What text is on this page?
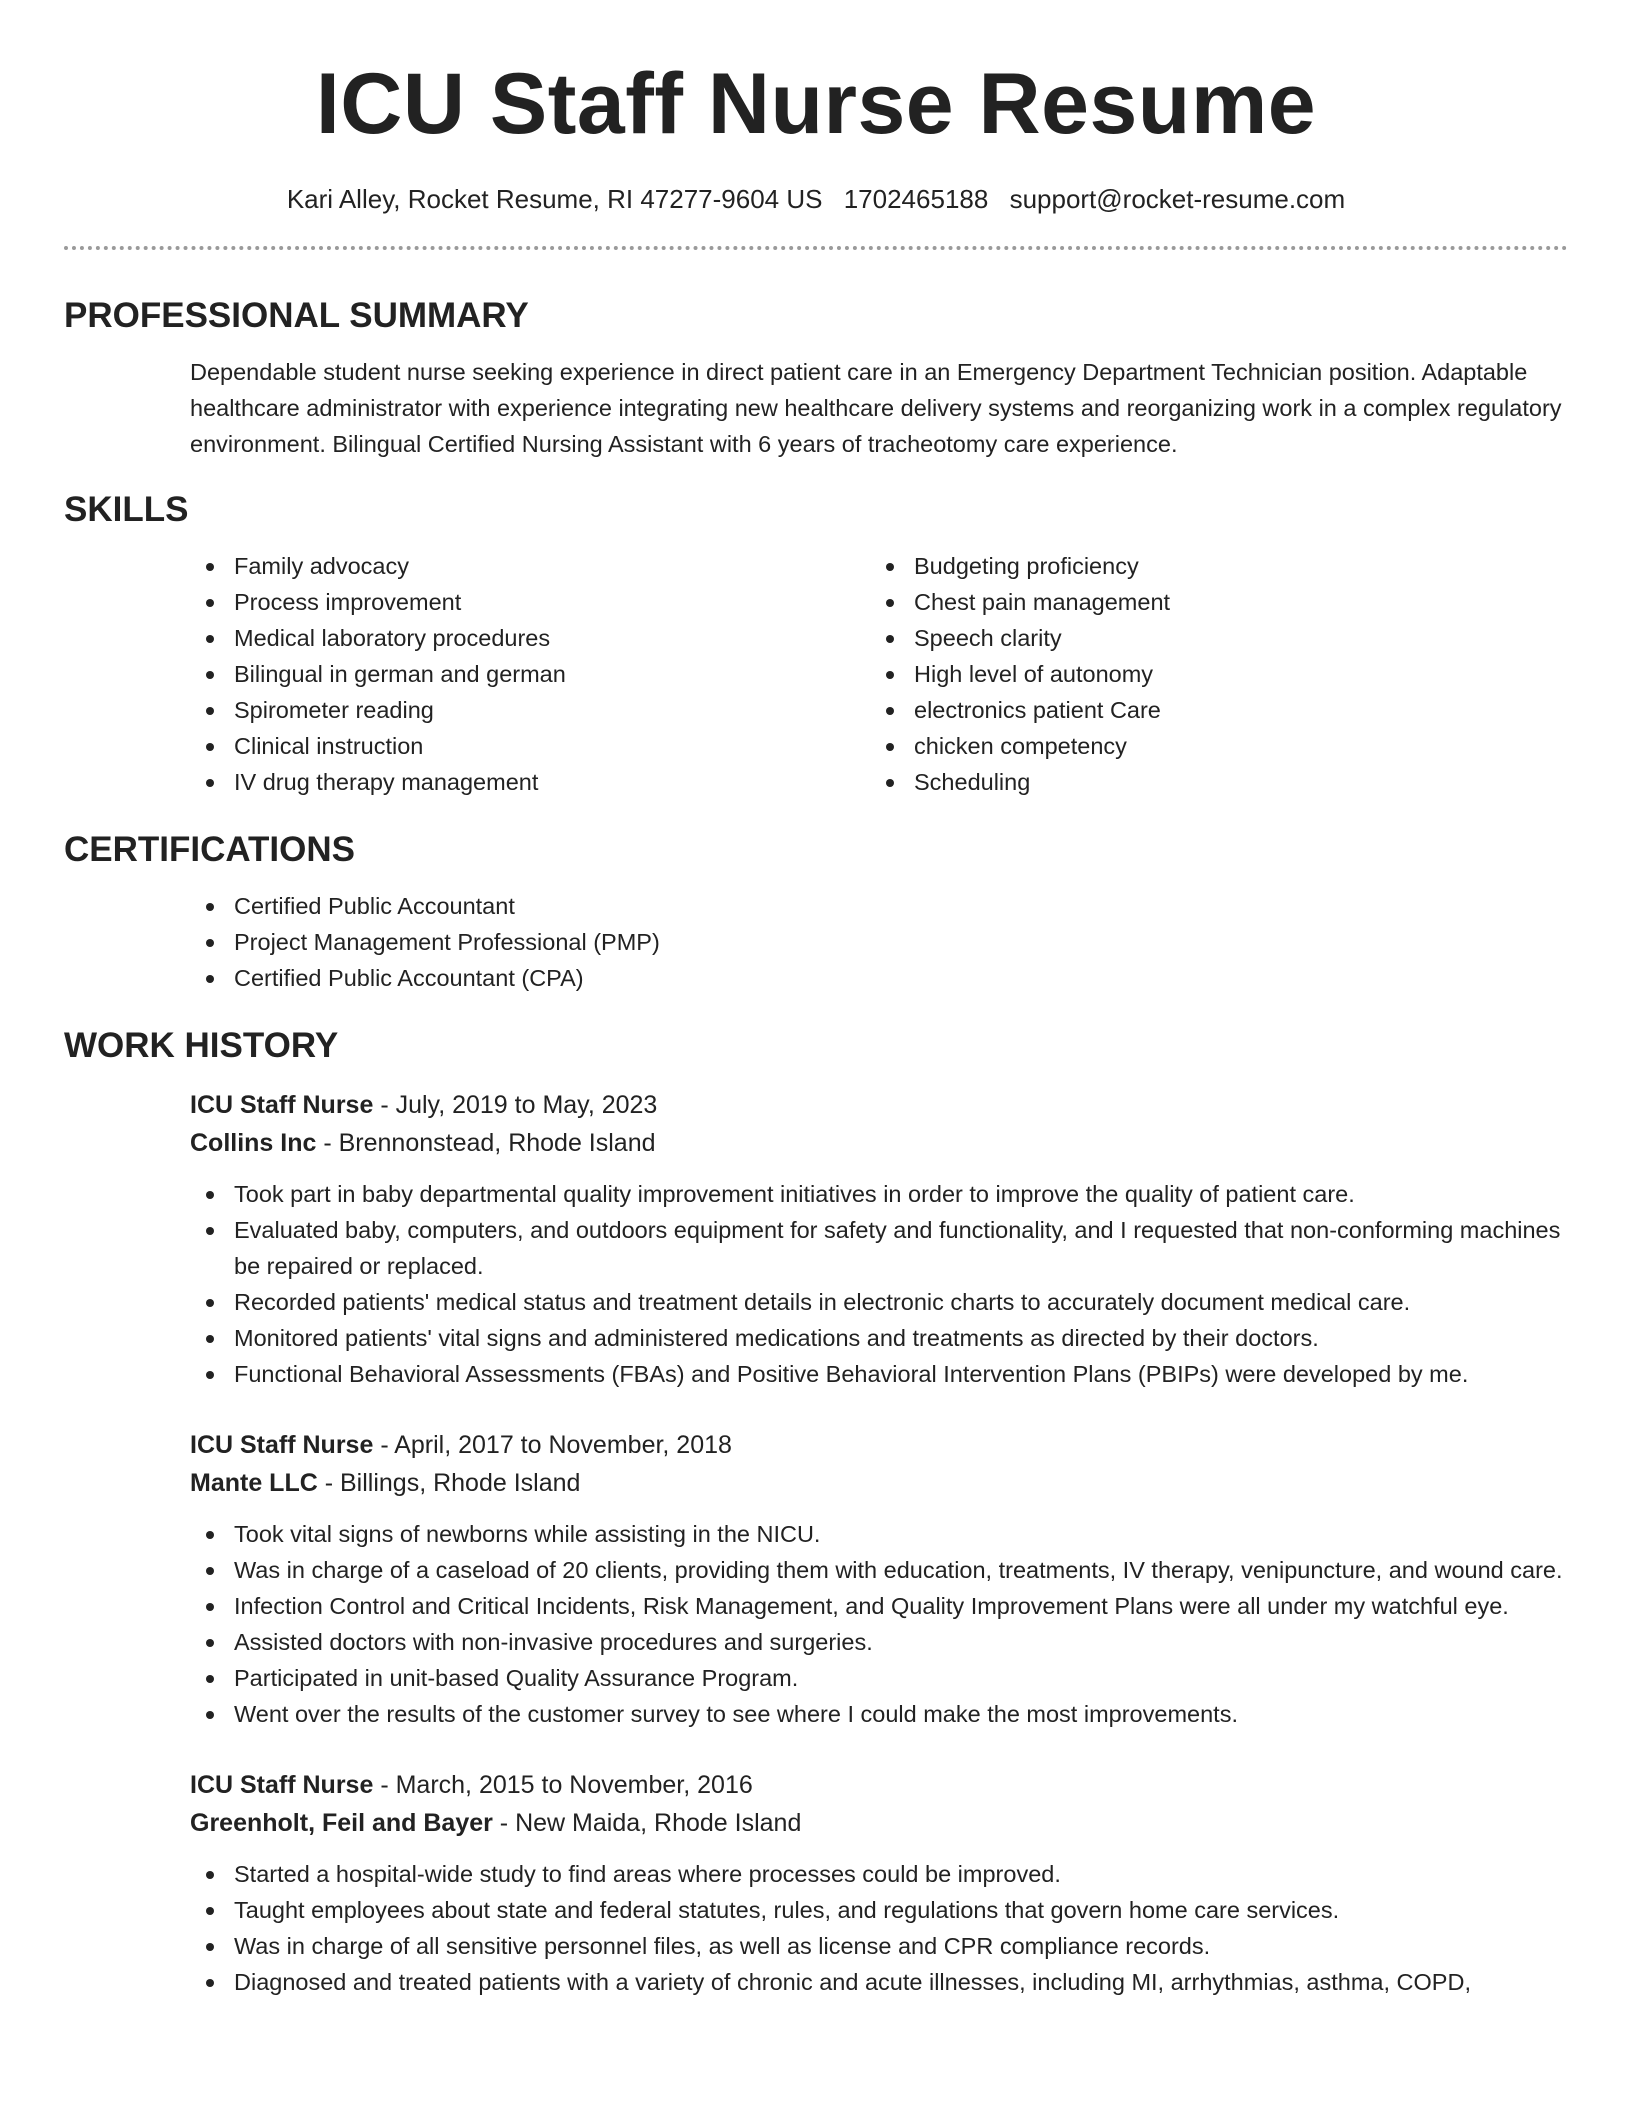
ICU Staff Nurse Resume
Kari Alley, Rocket Resume, RI 47277-9604 US 1702465188 support@rocket-resume.com
PROFESSIONAL SUMMARY

Dependable student nurse seeking experience in direct patient care in an Emergency Department Technician position. Adaptable healthcare administrator with experience integrating new healthcare delivery systems and reorganizing work in a complex regulatory environment. Bilingual Certified Nursing Assistant with 6 years of tracheotomy care experience.

SKILLS
Family advocacy
Process improvement
Medical laboratory procedures
Bilingual in german and german
Spirometer reading
Clinical instruction
IV drug therapy management
Budgeting proficiency
Chest pain management
Speech clarity
High level of autonomy
electronics patient Care
chicken competency
Scheduling
CERTIFICATIONS
Certified Public Accountant
Project Management Professional (PMP)
Certified Public Accountant (CPA)
WORK HISTORY
ICU Staff Nurse - July, 2019 to May, 2023
Collins Inc - Brennonstead, Rhode Island
Took part in baby departmental quality improvement initiatives in order to improve the quality of patient care.
Evaluated baby, computers, and outdoors equipment for safety and functionality, and I requested that non-conforming machines be repaired or replaced.
Recorded patients' medical status and treatment details in electronic charts to accurately document medical care.
Monitored patients' vital signs and administered medications and treatments as directed by their doctors.
Functional Behavioral Assessments (FBAs) and Positive Behavioral Intervention Plans (PBIPs) were developed by me.
ICU Staff Nurse - April, 2017 to November, 2018
Mante LLC - Billings, Rhode Island
Took vital signs of newborns while assisting in the NICU.
Was in charge of a caseload of 20 clients, providing them with education, treatments, IV therapy, venipuncture, and wound care.
Infection Control and Critical Incidents, Risk Management, and Quality Improvement Plans were all under my watchful eye.
Assisted doctors with non-invasive procedures and surgeries.
Participated in unit-based Quality Assurance Program.
Went over the results of the customer survey to see where I could make the most improvements.
ICU Staff Nurse - March, 2015 to November, 2016
Greenholt, Feil and Bayer - New Maida, Rhode Island
Started a hospital-wide study to find areas where processes could be improved.
Taught employees about state and federal statutes, rules, and regulations that govern home care services.
Was in charge of all sensitive personnel files, as well as license and CPR compliance records.
Diagnosed and treated patients with a variety of chronic and acute illnesses, including MI, arrhythmias, asthma, COPD,
